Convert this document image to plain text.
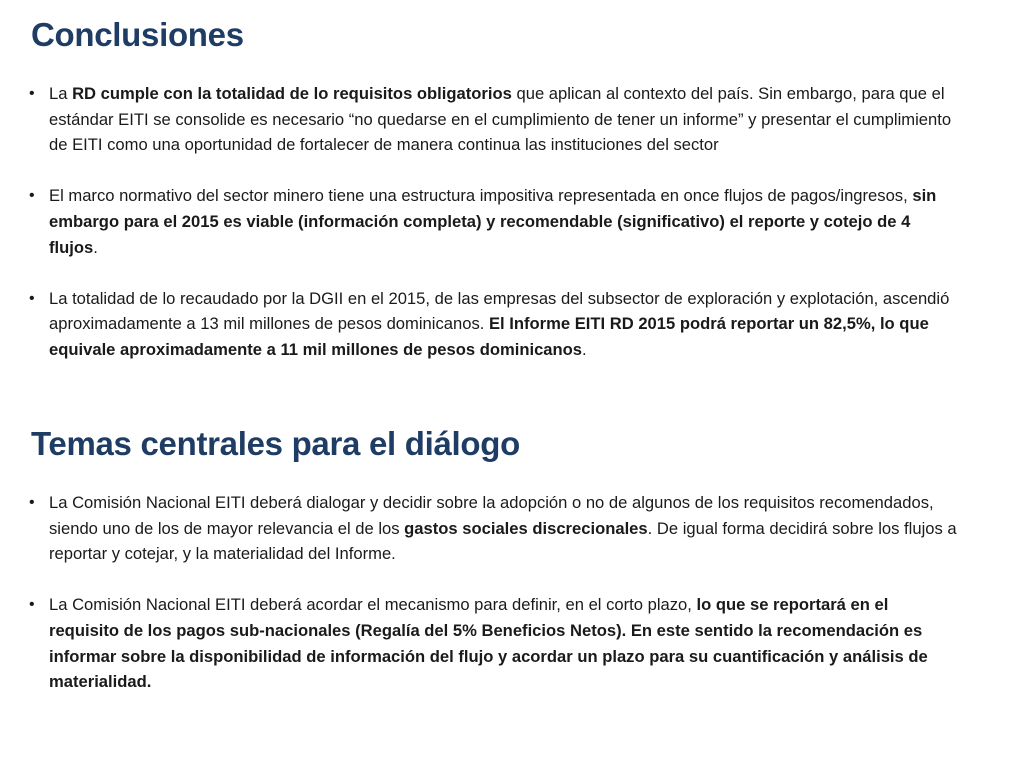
Conclusiones
• La RD cumple con la totalidad de lo requisitos obligatorios que aplican al contexto del país. Sin embargo, para que el estándar EITI se consolide es necesario “no quedarse en el cumplimiento de tener un informe” y presentar el cumplimiento de EITI como una oportunidad de fortalecer de manera continua las instituciones del sector
• El marco normativo del sector minero tiene una estructura impositiva representada en once flujos de pagos/ingresos, sin embargo para el 2015 es viable (información completa) y recomendable (significativo) el reporte y cotejo de 4 flujos.
• La totalidad de lo recaudado por la DGII en el 2015, de las empresas del subsector de exploración y explotación, ascendió aproximadamente a 13 mil millones de pesos dominicanos. El Informe EITI RD 2015 podrá reportar un 82,5%, lo que equivale aproximadamente a 11 mil millones de pesos dominicanos.
Temas centrales para el diálogo
• La Comisión Nacional EITI deberá dialogar y decidir sobre la adopción o no de algunos de los requisitos recomendados, siendo uno de los de mayor relevancia el de los gastos sociales discrecionales. De igual forma decidirá sobre los flujos a reportar y cotejar, y la materialidad del Informe.
• La Comisión Nacional EITI deberá acordar el mecanismo para definir, en el corto plazo, lo que se reportará en el requisito de los pagos sub-nacionales (Regalía del 5% Beneficios Netos). En este sentido la recomendación es informar sobre la disponibilidad de información del flujo y acordar un plazo para su cuantificación y análisis de materialidad.
